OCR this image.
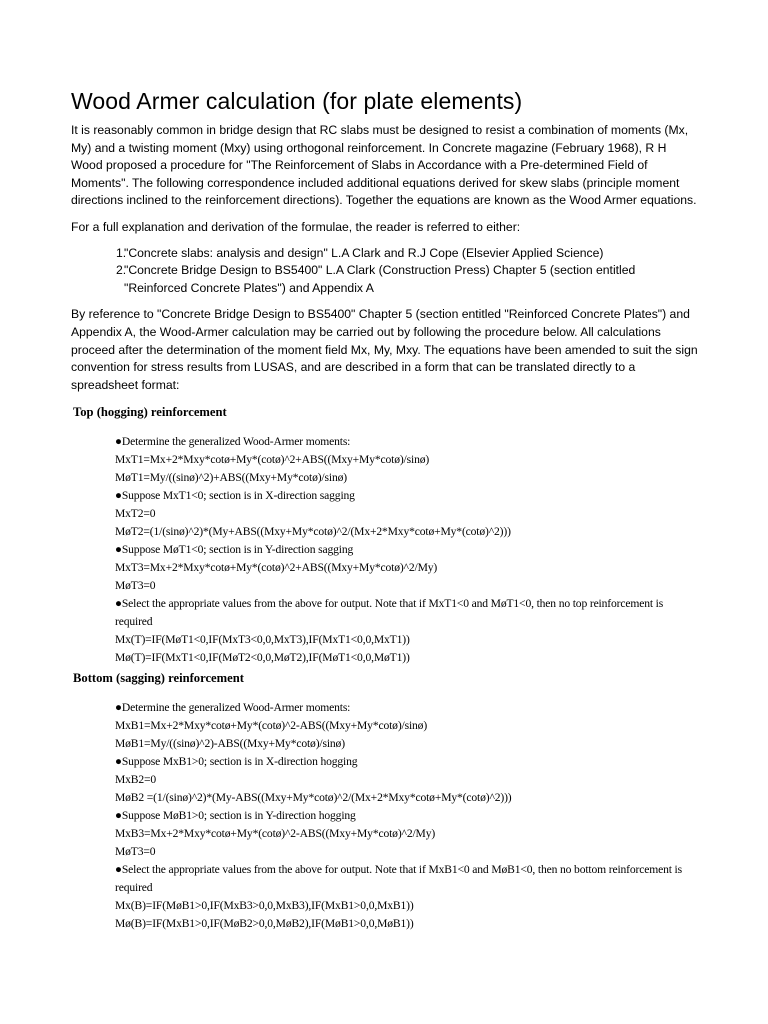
Wood Armer calculation (for plate elements)

It is reasonably common in bridge design that RC slabs must be designed to resist a combination of moments (Mx, My) and a twisting moment (Mxy) using orthogonal reinforcement. In Concrete magazine (February 1968), R H Wood proposed a procedure for "The Reinforcement of Slabs in Accordance with a Pre-determined Field of Moments". The following correspondence included additional equations derived for skew slabs (principle moment directions inclined to the reinforcement directions). Together the equations are known as the Wood Armer equations.

For a full explanation and derivation of the formulae, the reader is referred to either:

1.
"Concrete slabs: analysis and design" L.A Clark and R.J Cope (Elsevier Applied Science)
2.
"Concrete Bridge Design to BS5400" L.A Clark (Construction Press) Chapter 5 (section entitled "Reinforced Concrete Plates") and Appendix A

By reference to "Concrete Bridge Design to BS5400" Chapter 5 (section entitled "Reinforced Concrete Plates") and Appendix A, the Wood-Armer calculation may be carried out by following the procedure below. All calculations proceed after the determination of the moment field Mx, My, Mxy. The equations have been amended to suit the sign convention for stress results from LUSAS, and are described in a form that can be translated directly to a spreadsheet format:

Top (hogging) reinforcement
●Determine the generalized Wood-Armer moments:
MxT1=Mx+2*Mxy*cotø+My*(cotø)^2+ABS((Mxy+My*cotø)/sinø)
MøT1=My/((sinø)^2)+ABS((Mxy+My*cotø)/sinø)
●Suppose MxT1<0; section is in X-direction sagging
MxT2=0
MøT2=(1/(sinø)^2)*(My+ABS((Mxy+My*cotø)^2/(Mx+2*Mxy*cotø+My*(cotø)^2)))
●Suppose MøT1<0; section is in Y-direction sagging
MxT3=Mx+2*Mxy*cotø+My*(cotø)^2+ABS((Mxy+My*cotø)^2/My)
MøT3=0
●Select the appropriate values from the above for output. Note that if MxT1<0 and MøT1<0, then no top reinforcement is required
Mx(T)=IF(MøT1<0,IF(MxT3<0,0,MxT3),IF(MxT1<0,0,MxT1))
Mø(T)=IF(MxT1<0,IF(MøT2<0,0,MøT2),IF(MøT1<0,0,MøT1))
Bottom (sagging) reinforcement
●Determine the generalized Wood-Armer moments:
MxB1=Mx+2*Mxy*cotø+My*(cotø)^2-ABS((Mxy+My*cotø)/sinø)
MøB1=My/((sinø)^2)-ABS((Mxy+My*cotø)/sinø)
●Suppose MxB1>0; section is in X-direction hogging
MxB2=0
MøB2 =(1/(sinø)^2)*(My-ABS((Mxy+My*cotø)^2/(Mx+2*Mxy*cotø+My*(cotø)^2)))
●Suppose MøB1>0; section is in Y-direction hogging
MxB3=Mx+2*Mxy*cotø+My*(cotø)^2-ABS((Mxy+My*cotø)^2/My)
MøT3=0
●Select the appropriate values from the above for output. Note that if MxB1<0 and MøB1<0, then no bottom reinforcement is required
Mx(B)=IF(MøB1>0,IF(MxB3>0,0,MxB3),IF(MxB1>0,0,MxB1))
Mø(B)=IF(MxB1>0,IF(MøB2>0,0,MøB2),IF(MøB1>0,0,MøB1))
